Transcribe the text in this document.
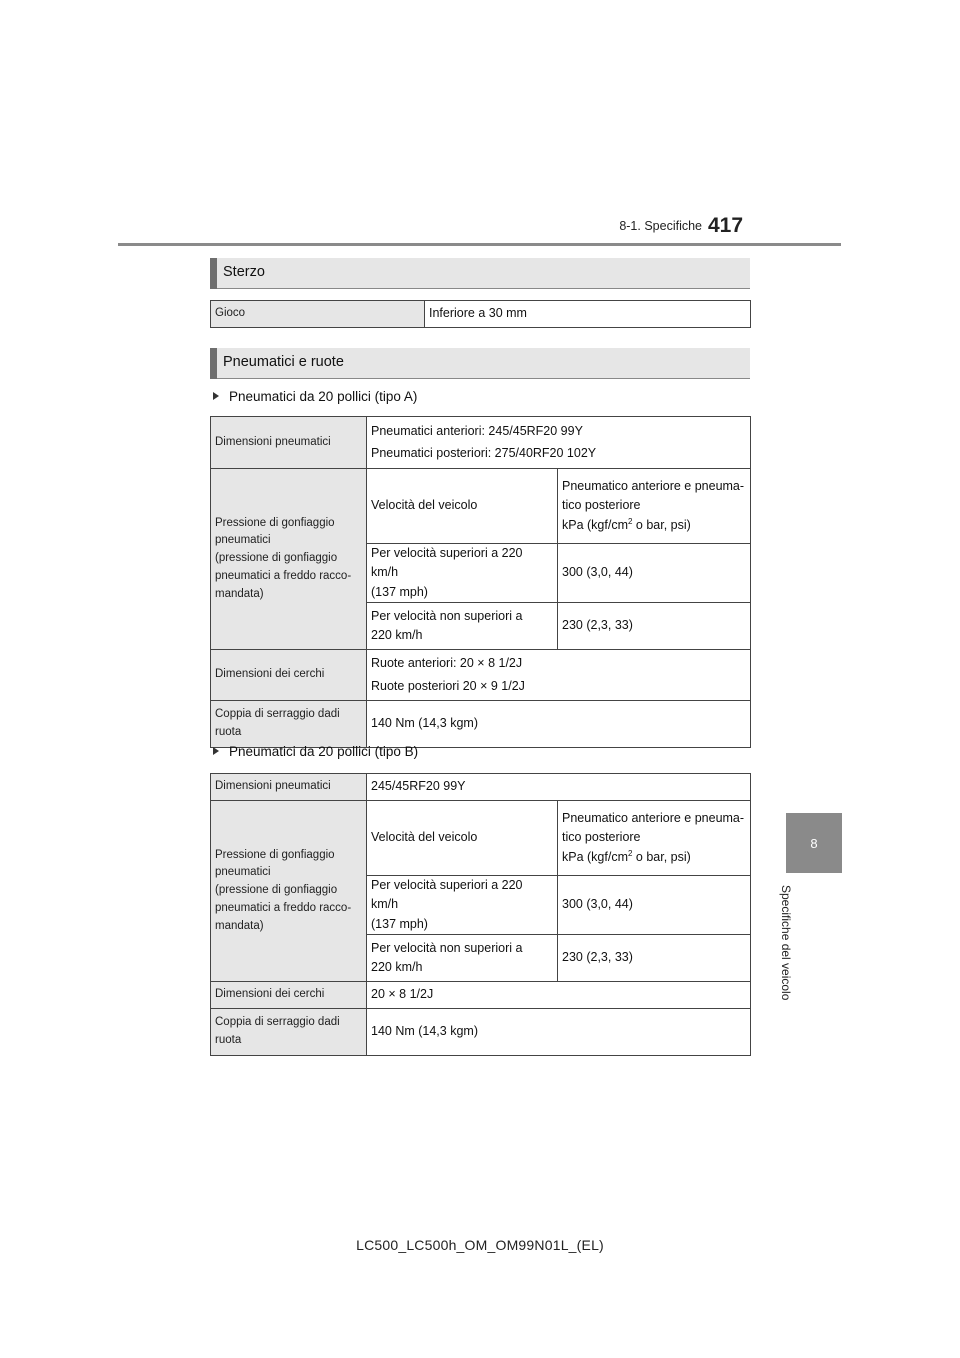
8-1. Specifiche 417
8
Specifiche del veicolo
Sterzo
Gioco	Inferiore a 30 mm
Pneumatici e ruote
Pneumatici da 20 pollici (tipo A)
Dimensioni pneumatici	Pneumatici anteriori: 245/45RF20 99Y

Pneumatici posteriori: 275/40RF20 102Y	

Pressione di gonfiaggio
pneumatici
(pressione di gonfiaggio
pneumatici a freddo racco-
mandata)	Velocità del veicolo	Pneumatico anteriore e pneuma-
tico posteriore
kPa ($kgf/cm^2$ o bar, psi)
	Per velocità superiori a 220 km/h
(137 mph)	300 (3,0, 44)
	Per velocità non superiori a
220 km/h	230 (2,3, 33)
Dimensioni dei cerchi	Ruote anteriori: 20 × 8 1/2J

Ruote posteriori 20 × 9 1/2J	

Coppia di serraggio dadi
ruota	140 Nm (14,3 kgm)	
Pneumatici da 20 pollici (tipo B)
Dimensioni pneumatici	245/45RF20 99Y	
Pressione di gonfiaggio
pneumatici
(pressione di gonfiaggio
pneumatici a freddo racco-
mandata)	Velocità del veicolo	Pneumatico anteriore e pneuma-
tico posteriore
kPa ($kgf/cm^2$ o bar, psi)
	Per velocità superiori a 220 km/h
(137 mph)	300 (3,0, 44)
	Per velocità non superiori a
220 km/h	230 (2,3, 33)
Dimensioni dei cerchi	20 × 8 1/2J	
Coppia di serraggio dadi
ruota	140 Nm (14,3 kgm)	
LC500_LC500h_OM_OM99N01L_(EL)
